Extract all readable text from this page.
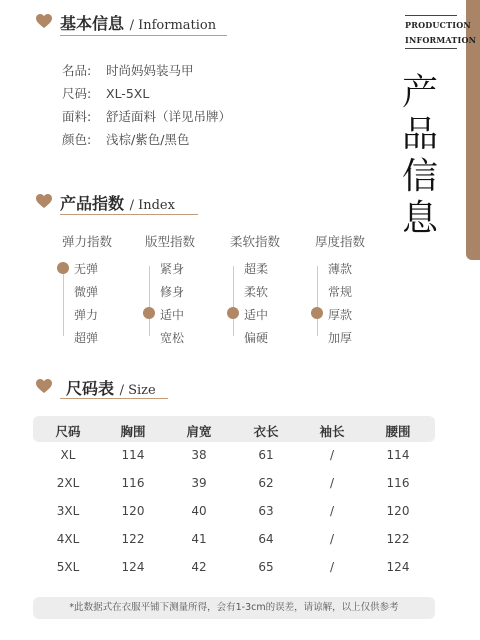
基本信息 / Information
名品: 时尚妈妈装马甲
尺码: XL-5XL
面料: 舒适面料（详见吊牌）
颜色: 浅棕/紫色/黑色
PRODUCTION
INFORMATION
产
品
信
息
产品指数 / Index
弹力指数	版型指数	柔软指数	厚度指数
无弹
微弹
弹力
超弹
紧身
修身
适中
宽松
超柔
柔软
适中
偏硬
薄款
常规
厚款
加厚
尺码表 / Size
尺码	胸围	肩宽	衣长	袖长	腰围
XL	114	38	61	/	114
2XL	116	39	62	/	116
3XL	120	40	63	/	120
4XL	122	41	64	/	122
5XL	124	42	65	/	124
*此数据式在衣服平铺下测量所得，会有1-3cm的误差，请谅解，以上仅供参考
